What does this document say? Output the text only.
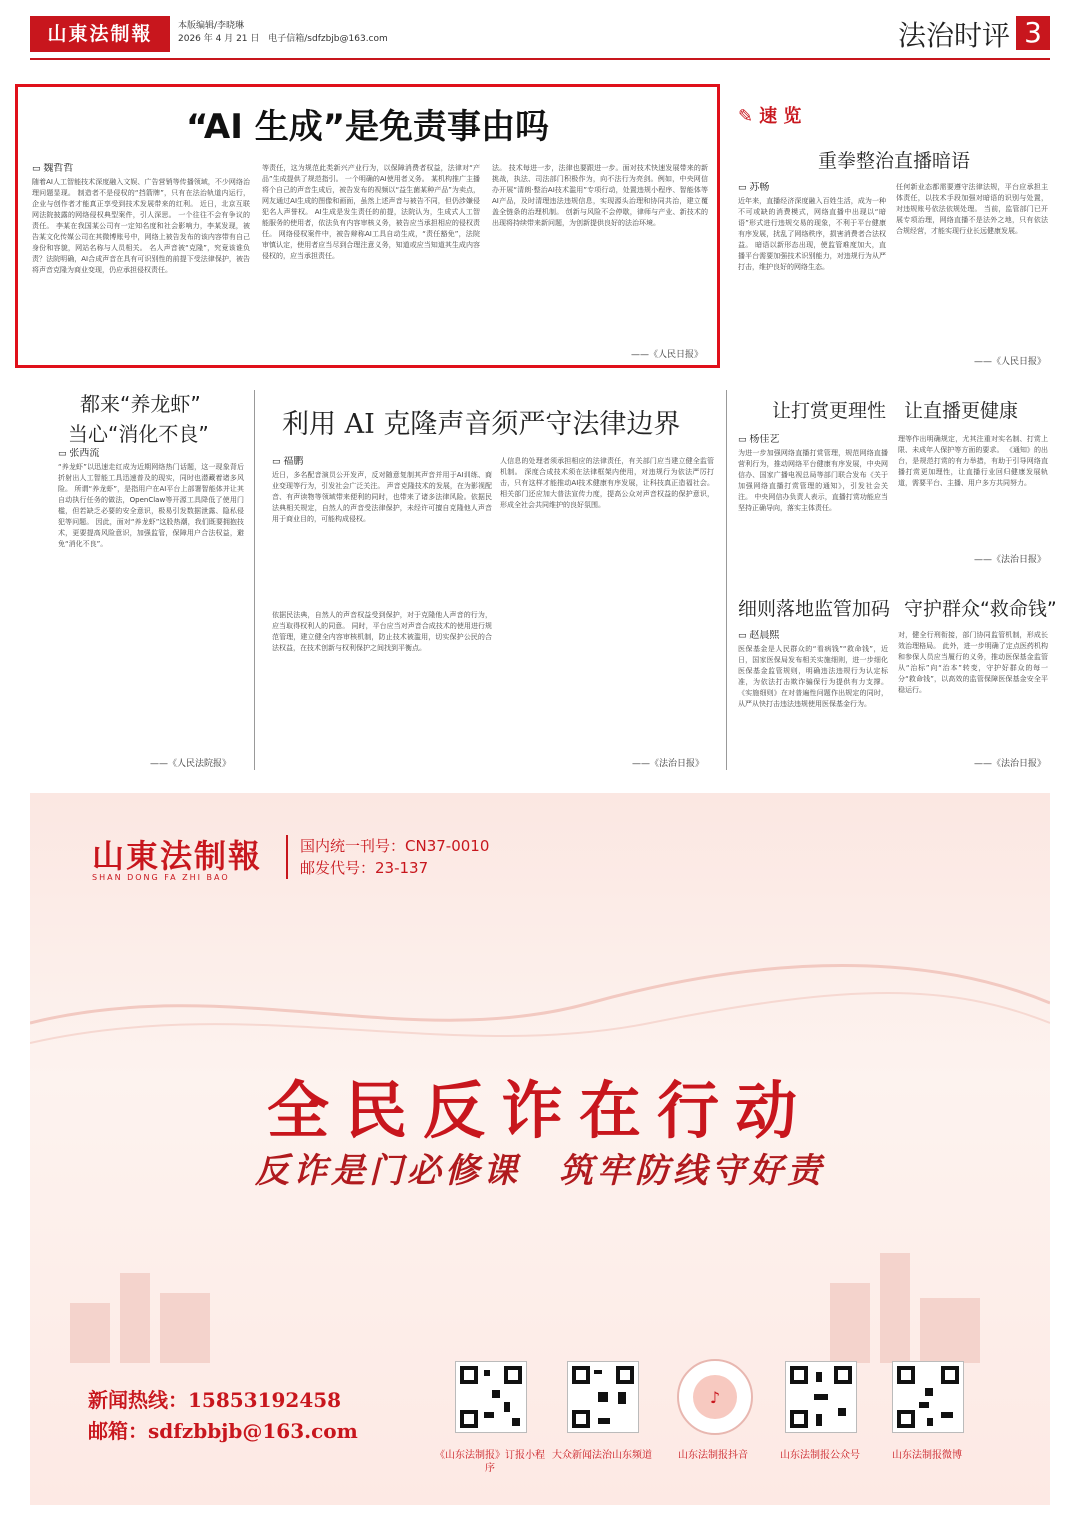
山東法制報	本版编辑/李晓琳
2026 年 4 月 21 日 电子信箱/sdfzbjb@163.com	法治时评 3
“AI 生成”是免责事由吗
▭ 魏哲哲
随着AI人工智能技术深度融入文娱、广告营销等传播领域，不少网络治理问题显现。 制造者不是侵权的“挡箭牌”，只有在法治轨道内运行，企业与创作者才能真正享受到技术发展带来的红利。 近日，北京互联网法院披露的网络侵权典型案件，引人深思。 一个往往不会有争议的责任。 李某在我国某公司有一定知名度和社会影响力，李某发现，被告某文化传媒公司在其微博账号中，网络上被告发布的该内容带有自己身份和容貌，网站名称与人员相关。 名人声音被“克隆”，究竟该谁负责？法院明确，AI合成声音在具有可识别性的前提下受法律保护，被告将声音克隆为商业变现，仍应承担侵权责任。
等责任，这为规范此类新兴产业行为，以保障消费者权益，法律对“产品”生成提供了规范指引。 一个明确的AI使用者义务。 某机构推广主播将个自己的声音生成后，被告发布的视频以“益生菌某种产品”为卖点，网友通过AI生成的图像和画面，虽然上述声音与被告不同，但仍涉嫌侵犯名人声誉权。 AI生成是发生责任的前提，法院认为，生成式人工智能服务的使用者，依法负有内容审核义务，被告应当承担相应的侵权责任。 网络侵权案件中，被告辩称AI工具自动生成，“责任豁免”，法院审慎认定，使用者应当尽到合理注意义务，知道或应当知道其生成内容侵权的，应当承担责任。
法。 技术每进一步，法律也要跟进一步。面对技术快速发展带来的新挑战，执法、司法部门积极作为，向不法行为亮剑。例如，中央网信办开展“清朗·整治AI技术滥用”专项行动，处置违规小程序、智能体等AI产品，及时清理违法违规信息，实现源头治理和协同共治，建立覆盖全链条的治理机制。 创新与风险不会停歇，律师与产业、新技术的出现将持续带来新问题，为创新提供良好的法治环境。
——《人民日报》
✎ 速 览
重拳整治直播暗语
▭ 苏畅
近年来，直播经济深度融入百姓生活，成为一种不可或缺的消费模式，网络直播中出现以“暗语”形式进行违规交易的现象，不利于平台健康有序发展，扰乱了网络秩序，损害消费者合法权益。 暗语以新形态出现，使监管难度加大，直播平台需要加强技术识别能力，对违规行为从严打击，维护良好的网络生态。
任何新业态都需要遵守法律法规，平台应承担主体责任，以技术手段加强对暗语的识别与处置，对违规账号依法依规处理。 当前，监管部门已开展专项治理，网络直播不是法外之地，只有依法合规经营，才能实现行业长远健康发展。
——《人民日报》
都来“养龙虾”
当心“消化不良”
▭ 张西流
“养龙虾”以迅速走红成为近期网络热门话题，这一现象背后折射出人工智能工具迅速普及的现实，同时也潜藏着诸多风险。 所谓“养龙虾”，是指用户在AI平台上部署智能体并让其自动执行任务的做法，OpenClaw等开源工具降低了使用门槛，但若缺乏必要的安全意识，极易引发数据泄露、隐私侵犯等问题。 因此，面对“养龙虾”这股热潮，我们既要拥抱技术，更要提高风险意识，加强监管，保障用户合法权益，避免“消化不良”。
——《人民法院报》
利用 AI 克隆声音须严守法律边界
▭ 福鹏
近日，多名配音演员公开发声，反对随意复制其声音并用于AI训练、商业变现等行为，引发社会广泛关注。 声音克隆技术的发展，在为影视配音、有声读物等领域带来便利的同时，也带来了诸多法律风险。依据民法典相关规定，自然人的声音受法律保护，未经许可擅自克隆他人声音用于商业目的，可能构成侵权。
依据民法典，自然人的声音权益受到保护，对于克隆他人声音的行为，应当取得权利人的同意。 同时，平台应当对声音合成技术的使用进行规范管理，建立健全内容审核机制，防止技术被滥用，切实保护公民的合法权益，在技术创新与权利保护之间找到平衡点。
人信息的处理者须承担相应的法律责任，有关部门应当建立健全监管机制。 深度合成技术须在法律框架内使用，对违规行为依法严厉打击，只有这样才能推动AI技术健康有序发展，让科技真正造福社会。 相关部门还应加大普法宣传力度，提高公众对声音权益的保护意识，形成全社会共同维护的良好氛围。
——《法治日报》
让打赏更理性 让直播更健康
▭ 杨佳艺
为进一步加强网络直播打赏管理，规范网络直播营利行为，推动网络平台健康有序发展，中央网信办、国家广播电视总局等部门联合发布《关于加强网络直播打赏管理的通知》，引发社会关注。 中央网信办负责人表示，直播打赏功能应当坚持正确导向，落实主体责任。
理等作出明确规定，尤其注重对实名制、打赏上限、未成年人保护等方面的要求。 《通知》的出台，是规范打赏的有力举措，有助于引导网络直播打赏更加理性，让直播行业回归健康发展轨道，需要平台、主播、用户多方共同努力。
——《法治日报》
细则落地监管加码 守护群众“救命钱”
▭ 赵晨熙
医保基金是人民群众的“看病钱”“救命钱”，近日，国家医保局发布相关实施细则，进一步细化医保基金监管规则，明确违法违规行为认定标准，为依法打击欺诈骗保行为提供有力支撑。 《实施细则》在对普遍性问题作出规定的同时，从严从快打击违法违规使用医保基金行为。
对，健全行刑衔接，部门协同监管机制，形成长效治理格局。 此外，进一步明确了定点医药机构和参保人员应当履行的义务，推动医保基金监管从“治标”向“治本”转变，守护好群众的每一分“救命钱”，以高效的监管保障医保基金安全平稳运行。
——《法治日报》
山東法制報
SHAN DONG FA ZHI BAO
国内统一刊号：CN37-0010
邮发代号：23-137
全民反诈在行动
反诈是门必修课　筑牢防线守好责
新闻热线：15853192458
邮箱：sdfzbbjb@163.com
♪
《山东法制报》订报小程序
大众新闻法治山东频道	山东法制报抖音	山东法制报公众号	山东法制报微博
